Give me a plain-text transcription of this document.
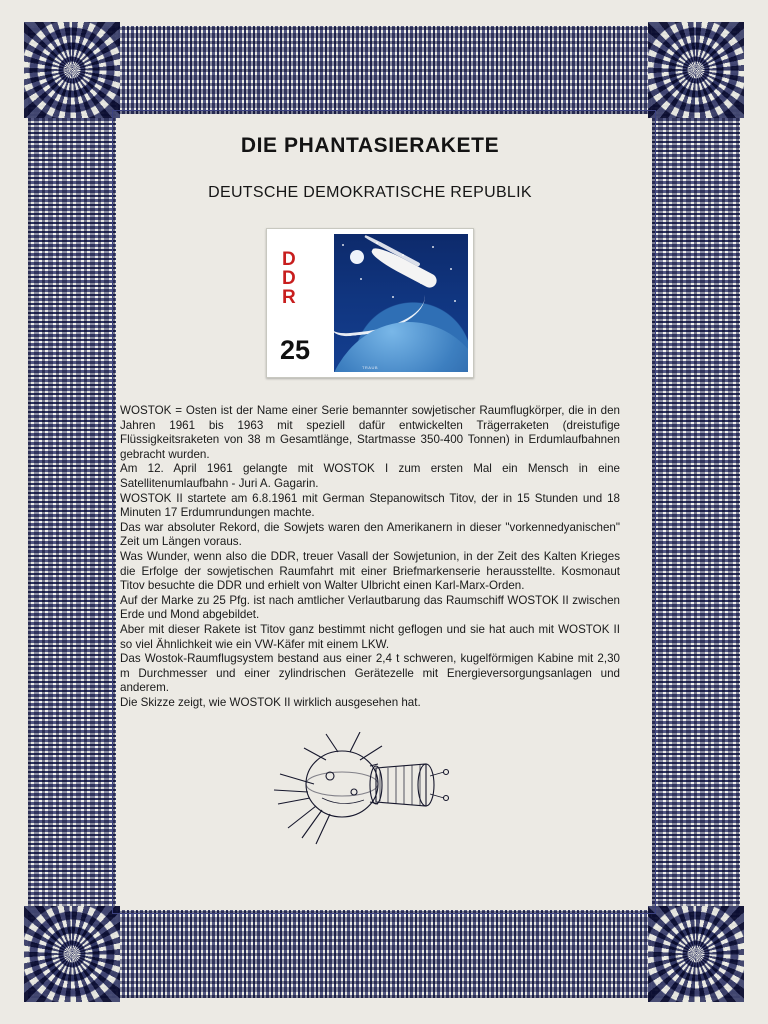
DIE PHANTASIERAKETE
DEUTSCHE DEMOKRATISCHE REPUBLIK
D
D
R
25
TRAUB

WOSTOK = Osten ist der Name einer Serie bemannter sowjetischer Raumflugkörper, die in den Jahren 1961 bis 1963 mit speziell dafür entwickelten Trägerraketen (dreistufige Flüssigkeitsraketen von 38 m Gesamtlänge, Startmasse 350-400 Tonnen) in Erdumlaufbahnen gebracht wurden.

Am 12. April 1961 gelangte mit WOSTOK I zum ersten Mal ein Mensch in eine Satellitenumlaufbahn - Juri A. Gagarin.

WOSTOK II startete am 6.8.1961 mit German Stepanowitsch Titov, der in 15 Stunden und 18 Minuten 17 Erdumrundungen machte.

Das war absoluter Rekord, die Sowjets waren den Amerikanern in dieser "vorkennedyanischen" Zeit um Längen voraus.

Was Wunder, wenn also die DDR, treuer Vasall der Sowjetunion, in der Zeit des Kalten Krieges die Erfolge der sowjetischen Raumfahrt mit einer Briefmarkenserie herausstellte. Kosmonaut Titov besuchte die DDR und erhielt von Walter Ulbricht einen Karl-Marx-Orden.

Auf der Marke zu 25 Pfg. ist nach amtlicher Verlautbarung das Raumschiff WOSTOK II zwischen Erde und Mond abgebildet.

Aber mit dieser Rakete ist Titov ganz bestimmt nicht geflogen und sie hat auch mit WOSTOK II so viel Ähnlichkeit wie ein VW-Käfer mit einem LKW.

Das Wostok-Raumflugsystem bestand aus einer 2,4 t schweren, kugelförmigen Kabine mit 2,30 m Durchmesser und einer zylindrischen Gerätezelle mit Energieversorgungsanlagen und anderem.

Die Skizze zeigt, wie WOSTOK II wirklich ausgesehen hat.
